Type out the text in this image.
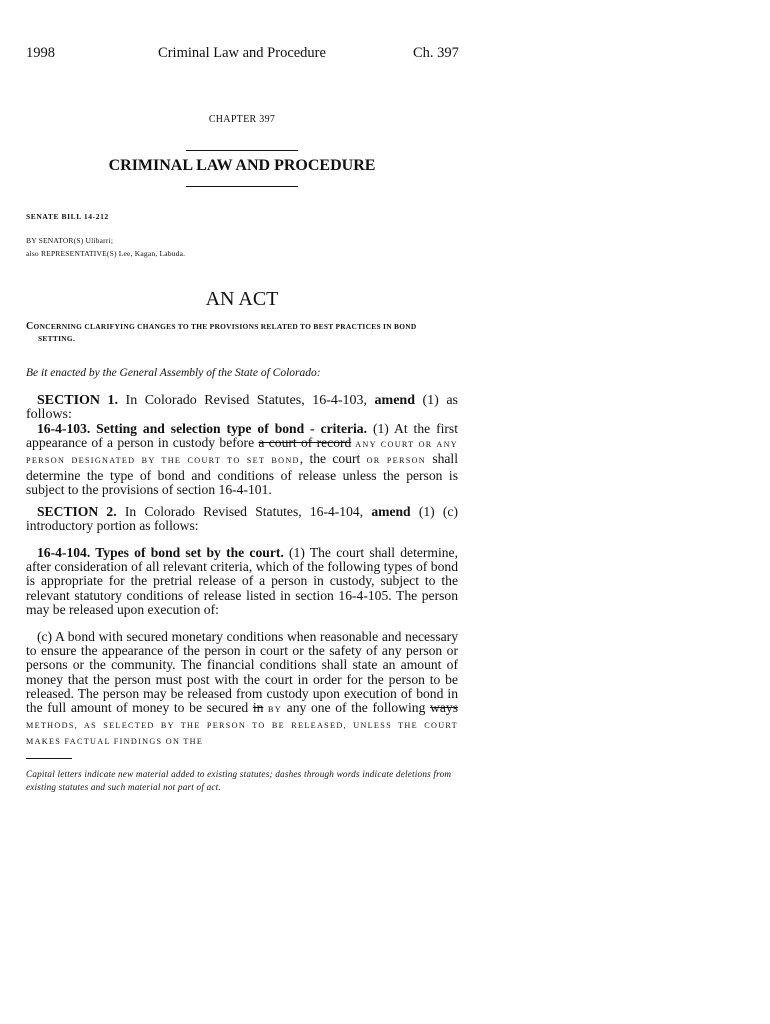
1998	Criminal Law and Procedure	Ch. 397
CHAPTER 397
CRIMINAL LAW AND PROCEDURE
SENATE BILL 14-212
BY SENATOR(S) Ulibarri;
also REPRESENTATIVE(S) Lee, Kagan, Labuda.
AN ACT
CONCERNING CLARIFYING CHANGES TO THE PROVISIONS RELATED TO BEST PRACTICES IN BOND
SETTING.
Be it enacted by the General Assembly of the State of Colorado:
SECTION 1. In Colorado Revised Statutes, 16-4-103, amend (1) as follows:
16-4-103. Setting and selection type of bond - criteria. (1) At the first appearance of a person in custody before a court of record ANY COURT OR ANY PERSON DESIGNATED BY THE COURT TO SET BOND, the court OR PERSON shall determine the type of bond and conditions of release unless the person is subject to the provisions of section 16-4-101.
SECTION 2. In Colorado Revised Statutes, 16-4-104, amend (1) (c) introductory portion as follows:
16-4-104. Types of bond set by the court. (1) The court shall determine, after consideration of all relevant criteria, which of the following types of bond is appropriate for the pretrial release of a person in custody, subject to the relevant statutory conditions of release listed in section 16-4-105. The person may be released upon execution of:
(c) A bond with secured monetary conditions when reasonable and necessary to ensure the appearance of the person in court or the safety of any person or persons or the community. The financial conditions shall state an amount of money that the person must post with the court in order for the person to be released. The person may be released from custody upon execution of bond in the full amount of money to be secured in BY any one of the following ways METHODS, AS SELECTED BY THE PERSON TO BE RELEASED, UNLESS THE COURT MAKES FACTUAL FINDINGS ON THE
Capital letters indicate new material added to existing statutes; dashes through words indicate deletions from existing statutes and such material not part of act.
